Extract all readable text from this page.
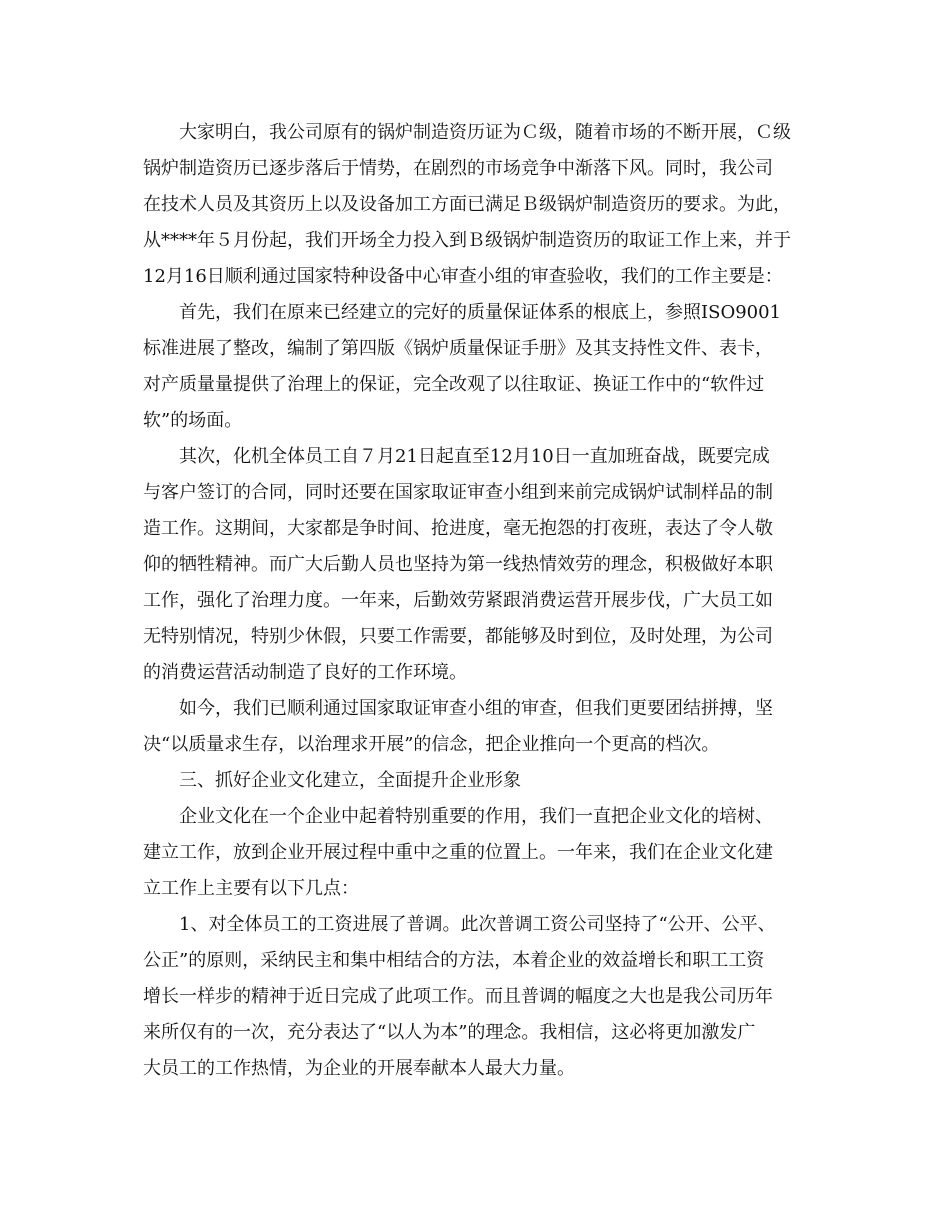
大家明白，我公司原有的锅炉制造资历证为Ｃ级，随着市场的不断开展，Ｃ级
锅炉制造资历已逐步落后于情势，在剧烈的市场竞争中渐落下风。同时，我公司
在技术人员及其资历上以及设备加工方面已满足Ｂ级锅炉制造资历的要求。为此，
从****年５月份起，我们开场全力投入到Ｂ级锅炉制造资历的取证工作上来，并于
12月16日顺利通过国家特种设备中心审查小组的审查验收，我们的工作主要是：
首先，我们在原来已经建立的完好的质量保证体系的根底上，参照ISO9001
标准进展了整改，编制了第四版《锅炉质量保证手册》及其支持性文件、表卡，
对产质量量提供了治理上的保证，完全改观了以往取证、换证工作中的“软件过
软”的场面。
其次，化机全体员工自７月21日起直至12月10日一直加班奋战，既要完成
与客户签订的合同，同时还要在国家取证审查小组到来前完成锅炉试制样品的制
造工作。这期间，大家都是争时间、抢进度，毫无抱怨的打夜班，表达了令人敬
仰的牺牲精神。而广大后勤人员也坚持为第一线热情效劳的理念，积极做好本职
工作，强化了治理力度。一年来，后勤效劳紧跟消费运营开展步伐，广大员工如
无特别情况，特别少休假，只要工作需要，都能够及时到位，及时处理，为公司
的消费运营活动制造了良好的工作环境。
如今，我们已顺利通过国家取证审查小组的审查，但我们更要团结拼搏，坚
决“以质量求生存，以治理求开展”的信念，把企业推向一个更高的档次。
三、抓好企业文化建立，全面提升企业形象
企业文化在一个企业中起着特别重要的作用，我们一直把企业文化的培树、
建立工作，放到企业开展过程中重中之重的位置上。一年来，我们在企业文化建
立工作上主要有以下几点：
1、对全体员工的工资进展了普调。此次普调工资公司坚持了“公开、公平、
公正”的原则，采纳民主和集中相结合的方法，本着企业的效益增长和职工工资
增长一样步的精神于近日完成了此项工作。而且普调的幅度之大也是我公司历年
来所仅有的一次，充分表达了“以人为本”的理念。我相信，这必将更加激发广
大员工的工作热情，为企业的开展奉献本人最大力量。
